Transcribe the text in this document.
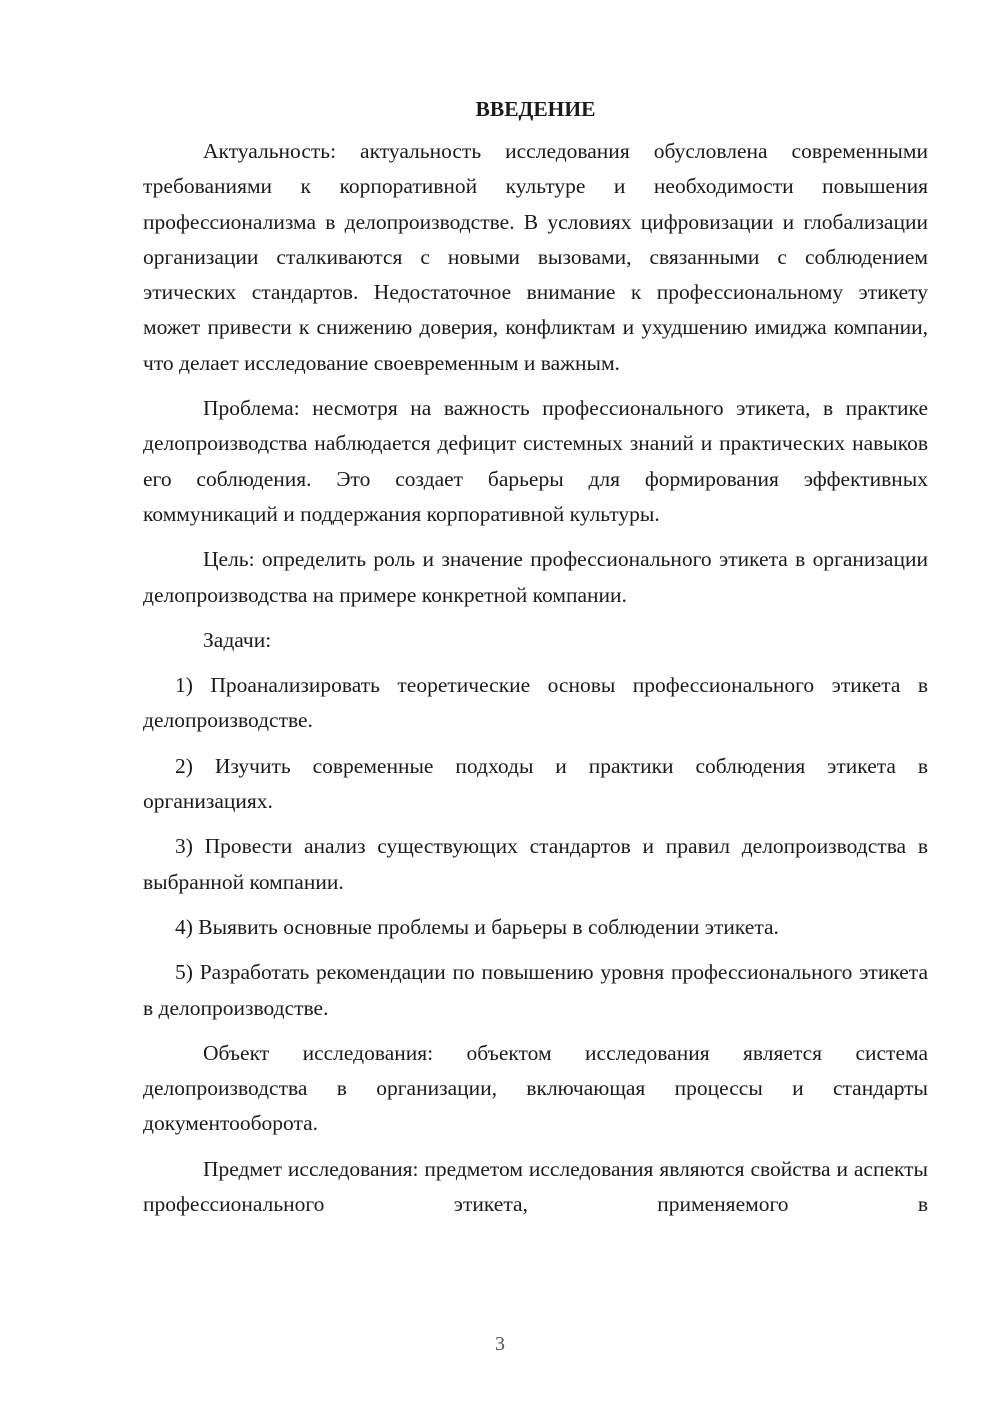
ВВЕДЕНИЕ

Актуальность: актуальность исследования обусловлена современными требованиями к корпоративной культуре и необходимости повышения профессионализма в делопроизводстве. В условиях цифровизации и глобализации организации сталкиваются с новыми вызовами, связанными с соблюдением этических стандартов. Недостаточное внимание к профессиональному этикету может привести к снижению доверия, конфликтам и ухудшению имиджа компании, что делает исследование своевременным и важным.

Проблема: несмотря на важность профессионального этикета, в практике делопроизводства наблюдается дефицит системных знаний и практических навыков его соблюдения. Это создает барьеры для формирования эффективных коммуникаций и поддержания корпоративной культуры.

Цель: определить роль и значение профессионального этикета в организации делопроизводства на примере конкретной компании.

Задачи:

1) Проанализировать теоретические основы профессионального этикета в делопроизводстве.

2) Изучить современные подходы и практики соблюдения этикета в организациях.

3) Провести анализ существующих стандартов и правил делопроизводства в выбранной компании.

4) Выявить основные проблемы и барьеры в соблюдении этикета.

5) Разработать рекомендации по повышению уровня профессионального этикета в делопроизводстве.

Объект исследования: объектом исследования является система делопроизводства в организации, включающая процессы и стандарты документооборота.

Предмет исследования: предметом исследования являются свойства и аспекты профессионального этикета, применяемого в

3
